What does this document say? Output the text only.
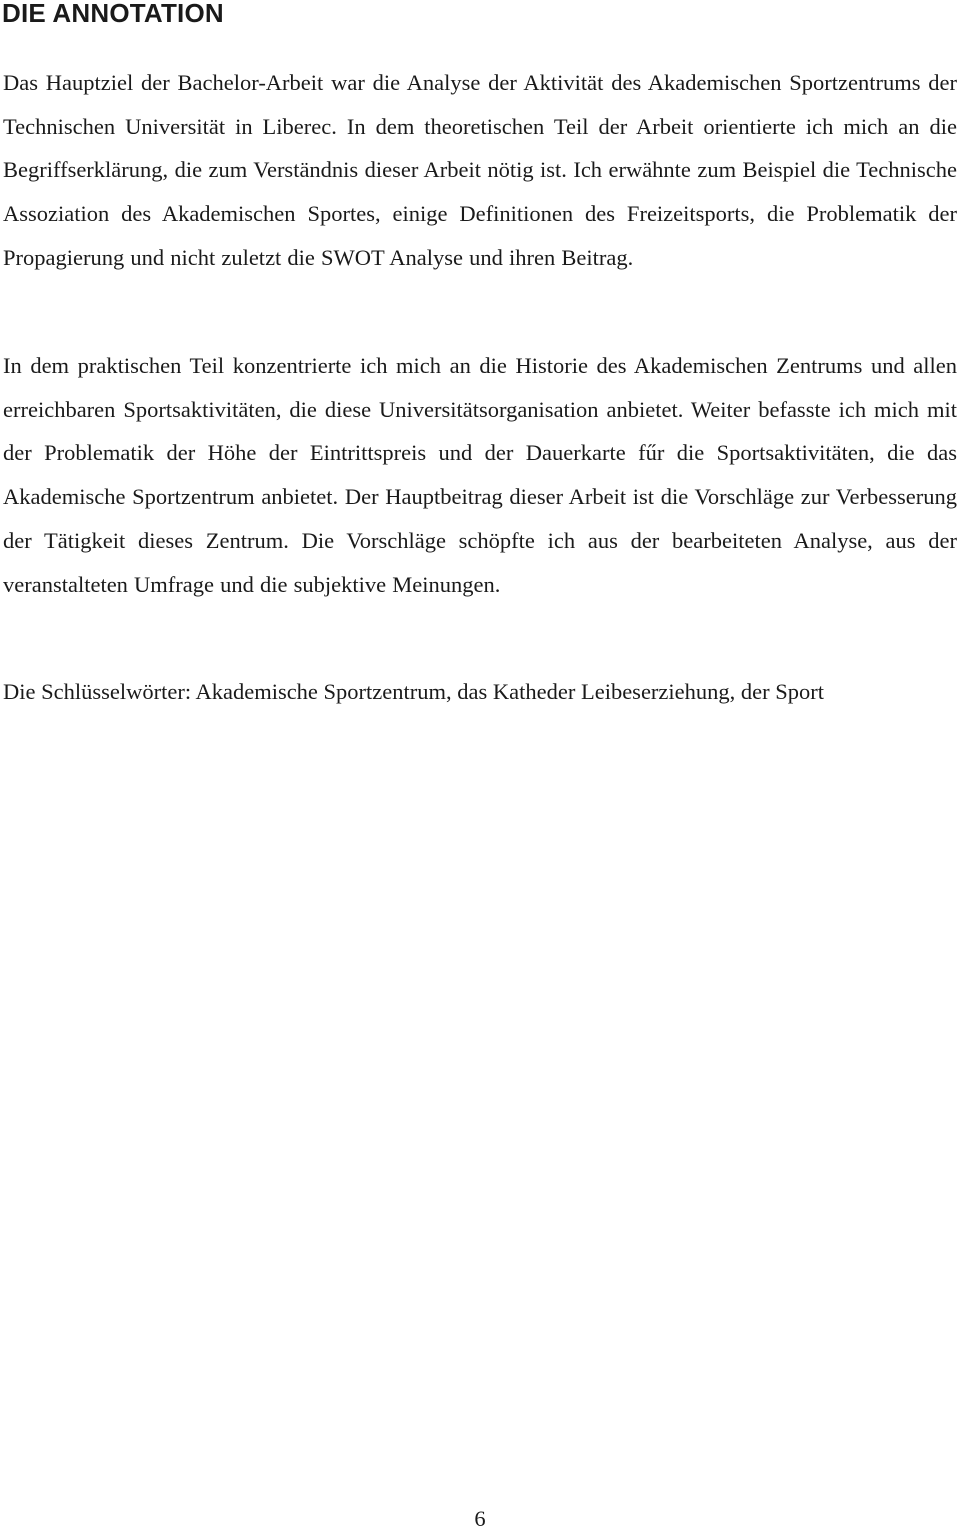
DIE ANNOTATION

Das Hauptziel der Bachelor-Arbeit war die Analyse der Aktivität des Akademischen Sportzentrums der Technischen Universität in Liberec. In dem theoretischen Teil der Arbeit orientierte ich mich an die Begriffserklärung, die zum Verständnis dieser Arbeit nötig ist. Ich erwähnte zum Beispiel die Technische Assoziation des Akademischen Sportes, einige Definitionen des Freizeitsports, die Problematik der Propagierung und nicht zuletzt die SWOT Analyse und ihren Beitrag.

In dem praktischen Teil konzentrierte ich mich an die Historie des Akademischen Zentrums und allen erreichbaren Sportsaktivitäten, die diese Universitätsorganisation anbietet. Weiter befasste ich mich mit der Problematik der Höhe der Eintrittspreis und der Dauerkarte fűr die Sportsaktivitäten, die das Akademische Sportzentrum anbietet. Der Hauptbeitrag dieser Arbeit ist die Vorschläge zur Verbesserung der Tätigkeit dieses Zentrum. Die Vorschläge schöpfte ich aus der bearbeiteten Analyse, aus der veranstalteten Umfrage und die subjektive Meinungen.

Die Schlüsselwörter: Akademische Sportzentrum, das Katheder Leibeserziehung, der Sport

6
